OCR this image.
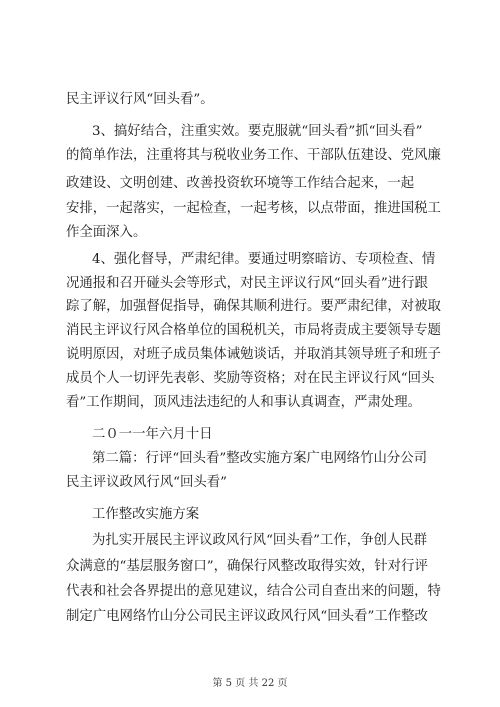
民主评议行风“回头看”。
3、搞好结合，注重实效。要克服就“回头看”抓“回头看”
的简单作法，注重将其与税收业务工作、干部队伍建设、党风廉
政建设、文明创建、改善投资软环境等工作结合起来，一起
安排，一起落实，一起检查，一起考核，以点带面，推进国税工
作全面深入。
4、强化督导，严肃纪律。要通过明察暗访、专项检查、情
况通报和召开碰头会等形式，对民主评议行风“回头看”进行跟
踪了解，加强督促指导，确保其顺利进行。要严肃纪律，对被取
消民主评议行风合格单位的国税机关，市局将责成主要领导专题
说明原因，对班子成员集体诫勉谈话，并取消其领导班子和班子
成员个人一切评先表彰、奖励等资格；对在民主评议行风“回头
看”工作期间，顶风违法违纪的人和事认真调查，严肃处理。
二０一一年六月十日
第二篇：行评“回头看”整改实施方案广电网络竹山分公司
民主评议政风行风“回头看”
工作整改实施方案
为扎实开展民主评议政风行风“回头看”工作，争创人民群
众满意的“基层服务窗口”，确保行风整改取得实效，针对行评
代表和社会各界提出的意见建议，结合公司自查出来的问题，特
制定广电网络竹山分公司民主评议政风行风“回头看”工作整改
第 5 页 共 22 页
